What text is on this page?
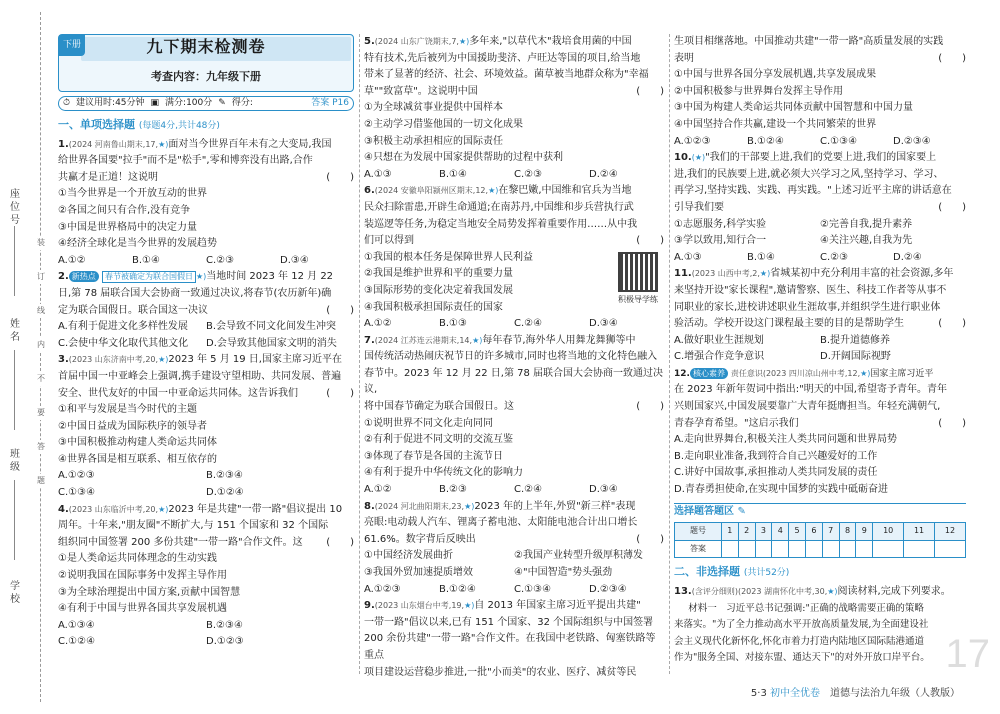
座位号
姓名
班级
学校
装
订
线
内
不
要
答
题
下册	九下期末检测卷
考查内容：九年级下册
⏱ 建议用时:45分钟 ▣ 满分:100分 ✎ 得分:	答案 P16
一、单项选择题 (每题4分,共计48分)
1.(2024 河南鲁山期末,17,★)面对当今世界百年未有之大变局,我国
给世界各国要"拉手"而不是"松手",零和博弈没有出路,合作
共赢才是正道！这说明	(　　)
①当今世界是一个开放互动的世界
②各国之间只有合作,没有竞争
③中国是世界格局中的决定力量
④经济全球化是当今世界的发展趋势
A.①②	B.①④	C.②③	D.③④
2. 新热点 春节被确定为联合国假日 ★)当地时间 2023 年 12 月 22
日,第 78 届联合国大会协商一致通过决议,将春节(农历新年)确
定为联合国假日。联合国这一决议	(　　)
A.有利于促进文化多样性发展	B.会导致不同文化间发生冲突
C.会使中华文化取代其他文化	D.会导致其他国家文明的消失
3.(2023 山东济南中考,20,★)2023 年 5 月 19 日,国家主席习近平在
首届中国一中亚峰会上强调,携手建设守望相助、共同发展、普遍
安全、世代友好的中国一中亚命运共同体。这告诉我们	(　　)
①和平与发展是当今时代的主题
②中国日益成为国际秩序的领导者
③中国积极推动构建人类命运共同体
④世界各国是相互联系、相互依存的
A.①②③	B.②③④
C.①③④	D.①②④
4.(2023 山东临沂中考,20,★)2023 年是共建"一带一路"倡议提出 10
周年。十年来,"朋友圈"不断扩大,与 151 个国家和 32 个国际
组织同中国签署 200 多份共建"一带一路"合作文件。这 (　　)
①是人类命运共同体理念的生动实践
②说明我国在国际事务中发挥主导作用
③为全球治理提出中国方案,贡献中国智慧
④有利于中国与世界各国共享发展机遇
A.①③④	B.②③④
C.①②④	D.①②③
5.(2024 山东广饶期末,7,★)多年来,"以草代木"栽培食用菌的中国
特有技术,先后被列为中国援助斐济、卢旺达等国的项目,给当地
带来了显著的经济、社会、环境效益。菌草被当地群众称为"幸福
草""致富草"。这说明中国	(　　)
①为全球减贫事业提供中国样本
②主动学习借鉴他国的一切文化成果
③积极主动承担相应的国际责任
④只想在为发展中国家提供帮助的过程中获利
A.①③	B.①④	C.②③	D.②④
6.(2024 安徽阜阳颍州区期末,12,★)在黎巴嫩,中国维和官兵为当地
民众扫除雷患,开辟生命通道;在南苏丹,中国维和步兵营执行武
装巡逻等任务,为稳定当地安全局势发挥着重要作用……从中我
们可以得到	(　　)
积极导学练
①我国的根本任务是保障世界人民利益
②我国是维护世界和平的重要力量
③国际形势的变化决定着我国发展
④我国积极承担国际责任的国家
A.①②	B.①③	C.②④	D.③④
7.(2024 江苏连云港期末,14,★)每年春节,海外华人用舞龙舞狮等中
国传统活动热闹庆祝节日的许多城市,同时也将当地的文化特色融入
春节中。2023 年 12 月 22 日,第 78 届联合国大会协商一致通过决议,
将中国春节确定为联合国假日。这	(　　)
①说明世界不同文化走向同同
②有利于促进不同文明的交流互鉴
③体现了春节是各国的主流节日
④有利于提升中华传统文化的影响力
A.①②	B.②③	C.②④	D.③④
8.(2024 河北曲阳期末,23,★)2023 年的上半年,外贸"新三样"表现
亮眼:电动载人汽车、锂离子蓄电池、太阳能电池合计出口增长
61.6%。数字背后反映出	(　　)
①中国经济发展曲折	②我国产业转型升级厚积薄发
③我国外贸加速提质增效	④"中国智造"势头强劲
A.①②③	B.①②④	C.①③④	D.②③④
9.(2023 山东烟台中考,19,★)自 2013 年国家主席习近平提出共建"
一带一路"倡议以来,已有 151 个国家、32 个国际组织与中国签署
200 余份共建"一带一路"合作文件。在我国中老铁路、匈塞铁路等重点
项目建设运营稳步推进,一批"小而美"的农业、医疗、减贫等民
生项目相继落地。中国推动共建"一带一路"高质量发展的实践
表明	(　　)
①中国与世界各国分享发展机遇,共享发展成果
②中国积极参与世界舞台发挥主导作用
③中国为构建人类命运共同体贡献中国智慧和中国力量
④中国坚持合作共赢,建设一个共同繁荣的世界
A.①②③	B.①②④	C.①③④	D.②③④
10.(★)"我们的干部要上进,我们的党要上进,我们的国家要上
进,我们的民族要上进,就必须大兴学习之风,坚持学习、学习、
再学习,坚持实践、实践、再实践。"上述习近平主席的讲话意在
引导我们要	(　　)
①志愿服务,科学实验	②完善自我,提升素养
③学以致用,知行合一	④关注兴趣,自我为先
A.①③	B.①④	C.②③	D.②④
11.(2023 山西中考,2,★)省城某初中充分利用丰富的社会资源,多年
来坚持开设"家长课程",邀请警察、医生、科技工作者等从事不
同职业的家长,进校讲述职业生涯故事,并组织学生进行职业体
验活动。学校开设这门课程最主要的目的是帮助学生	(　　)
A.做好职业生涯规划	B.提升道德修养
C.增强合作竞争意识	D.开阔国际视野
12. 核心素养 责任意识(2023 四川凉山州中考,12,★)国家主席习近平
在 2023 年新年贺词中指出:"明天的中国,希望寄予青年。青年
兴则国家兴,中国发展要靠广大青年挺膺担当。年轻充满朝气,
青春孕育希望。"这启示我们	(　　)
A.走向世界舞台,积极关注人类共同问题和世界局势
B.走向职业准备,我到符合自己兴趣爱好的工作
C.讲好中国故事,承担推动人类共同发展的责任
D.青春勇担使命,在实现中国梦的实践中砥砺奋进
选择题答题区 ✎
题号	1	2	3	4	5	6	7	8	9	10	11	12
答案												
二、非选择题 (共计52分)
13.(含评分细则)(2023 湖南怀化中考,30,★)阅读材料,完成下列要求。
材料一　习近平总书记强调:"正确的战略需要正确的策略
来落实。"为了全力推动高水平开放高质量发展,为全面建设社
会主义现代化新怀化,怀化市着力打造内陆地区国际陆港通道
作为"服务全国、对接东盟、通达天下"的对外开放口岸平台。 17
5·3 初中全优卷　 道德与法治九年级（人教版）
